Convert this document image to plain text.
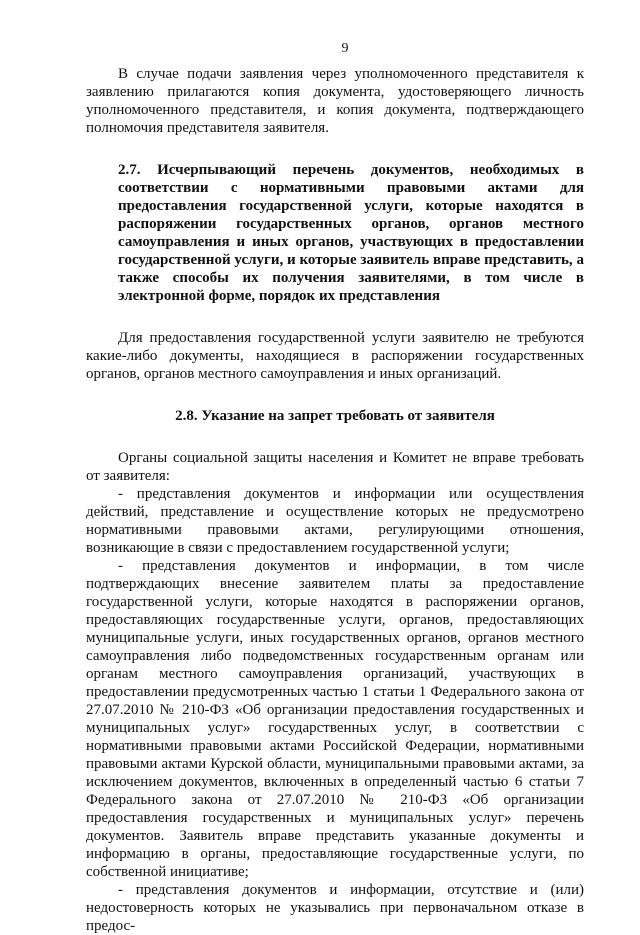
9

В случае подачи заявления через уполномоченного представителя к заявлению прилагаются копия документа, удостоверяющего личность уполномоченного представителя, и копия документа, подтверждающего полномочия представителя заявителя.

2.7. Исчерпывающий перечень документов, необходимых в соответствии с нормативными правовыми актами для предоставления государственной услуги, которые находятся в распоряжении государственных органов, органов местного самоуправления и иных органов, участвующих в предоставлении государственной услуги, и которые заявитель вправе представить, а также способы их получения заявителями, в том числе в электронной форме, порядок их представления

Для предоставления государственной услуги заявителю не требуются какие-либо документы, находящиеся в распоряжении государственных органов, органов местного самоуправления и иных организаций.

2.8. Указание на запрет требовать от заявителя

Органы социальной защиты населения и Комитет не вправе требовать от заявителя:

- представления документов и информации или осуществления действий, представление и осуществление которых не предусмотрено нормативными правовыми актами, регулирующими отношения, возникающие в связи с предоставлением государственной услуги;

- представления документов и информации, в том числе подтверждающих внесение заявителем платы за предоставление государственной услуги, которые находятся в распоряжении органов, предоставляющих государственные услуги, органов, предоставляющих муниципальные услуги, иных государственных органов, органов местного самоуправления либо подведомственных государственным органам или органам местного самоуправления организаций, участвующих в предоставлении предусмотренных частью 1 статьи 1 Федерального закона от 27.07.2010 № 210-ФЗ «Об организации предоставления государственных и муниципальных услуг» государственных услуг, в соответствии с нормативными правовыми актами Российской Федерации, нормативными правовыми актами Курской области, муниципальными правовыми актами, за исключением документов, включенных в определенный частью 6 статьи 7 Федерального закона от 27.07.2010 № 210-ФЗ «Об организации предоставления государственных и муниципальных услуг» перечень документов. Заявитель вправе представить указанные документы и информацию в органы, предоставляющие государственные услуги, по собственной инициативе;

- представления документов и информации, отсутствие и (или) недостоверность которых не указывались при первоначальном отказе в предос-
